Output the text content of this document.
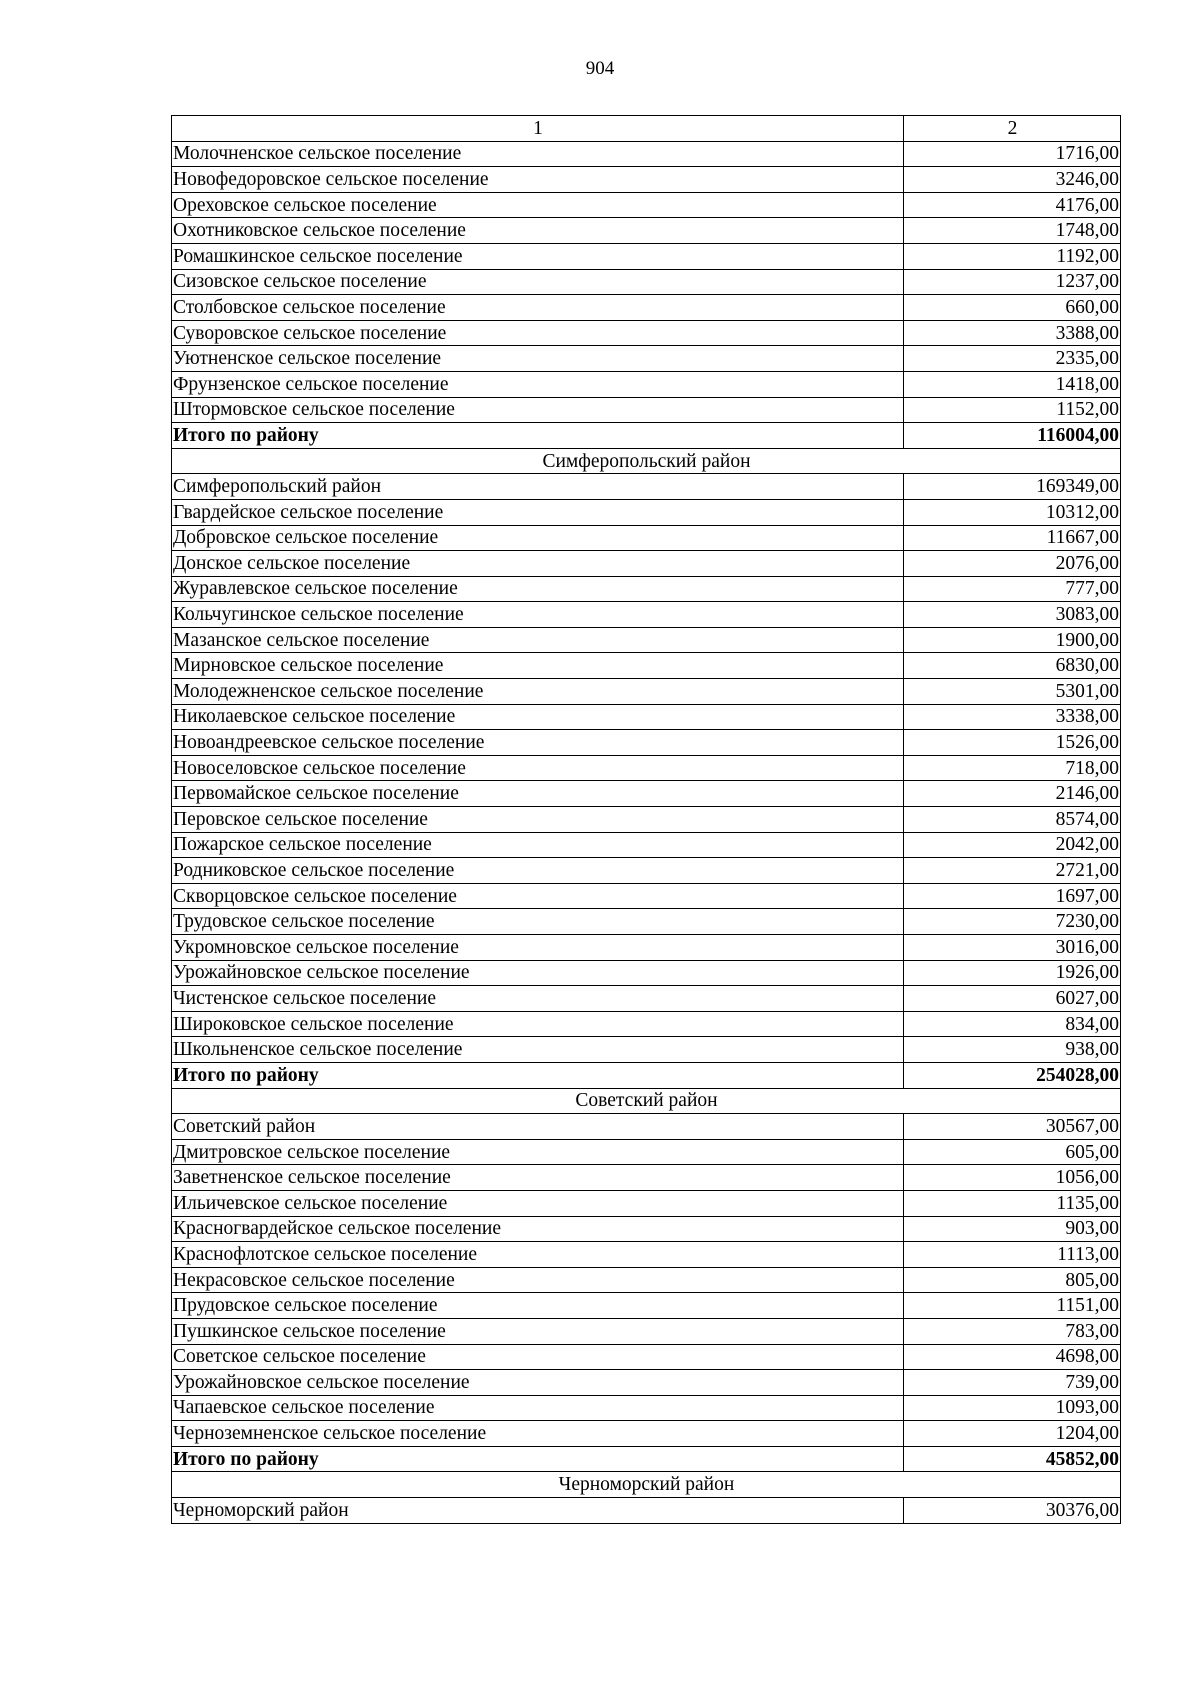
904
1	2
Молочненское сельское поселение	1716,00
Новофедоровское сельское поселение	3246,00
Ореховское сельское поселение	4176,00
Охотниковское сельское поселение	1748,00
Ромашкинское сельское поселение	1192,00
Сизовское сельское поселение	1237,00
Столбовское сельское поселение	660,00
Суворовское сельское поселение	3388,00
Уютненское сельское поселение	2335,00
Фрунзенское сельское поселение	1418,00
Штормовское сельское поселение	1152,00
Итого по району	116004,00
Симферопольский район	
Симферопольский район	169349,00
Гвардейское сельское поселение	10312,00
Добровское сельское поселение	11667,00
Донское сельское поселение	2076,00
Журавлевское сельское поселение	777,00
Кольчугинское сельское поселение	3083,00
Мазанское сельское поселение	1900,00
Мирновское сельское поселение	6830,00
Молодежненское сельское поселение	5301,00
Николаевское сельское поселение	3338,00
Новоандреевское сельское поселение	1526,00
Новоселовское сельское поселение	718,00
Первомайское сельское поселение	2146,00
Перовское сельское поселение	8574,00
Пожарское сельское поселение	2042,00
Родниковское сельское поселение	2721,00
Скворцовское сельское поселение	1697,00
Трудовское сельское поселение	7230,00
Укромновское сельское поселение	3016,00
Урожайновское сельское поселение	1926,00
Чистенское сельское поселение	6027,00
Широковское сельское поселение	834,00
Школьненское сельское поселение	938,00
Итого по району	254028,00
Советский район	
Советский район	30567,00
Дмитровское сельское поселение	605,00
Заветненское сельское поселение	1056,00
Ильичевское сельское поселение	1135,00
Красногвардейское сельское поселение	903,00
Краснофлотское сельское поселение	1113,00
Некрасовское сельское поселение	805,00
Прудовское сельское поселение	1151,00
Пушкинское сельское поселение	783,00
Советское сельское поселение	4698,00
Урожайновское сельское поселение	739,00
Чапаевское сельское поселение	1093,00
Черноземненское сельское поселение	1204,00
Итого по району	45852,00
Черноморский район	
Черноморский район	30376,00
